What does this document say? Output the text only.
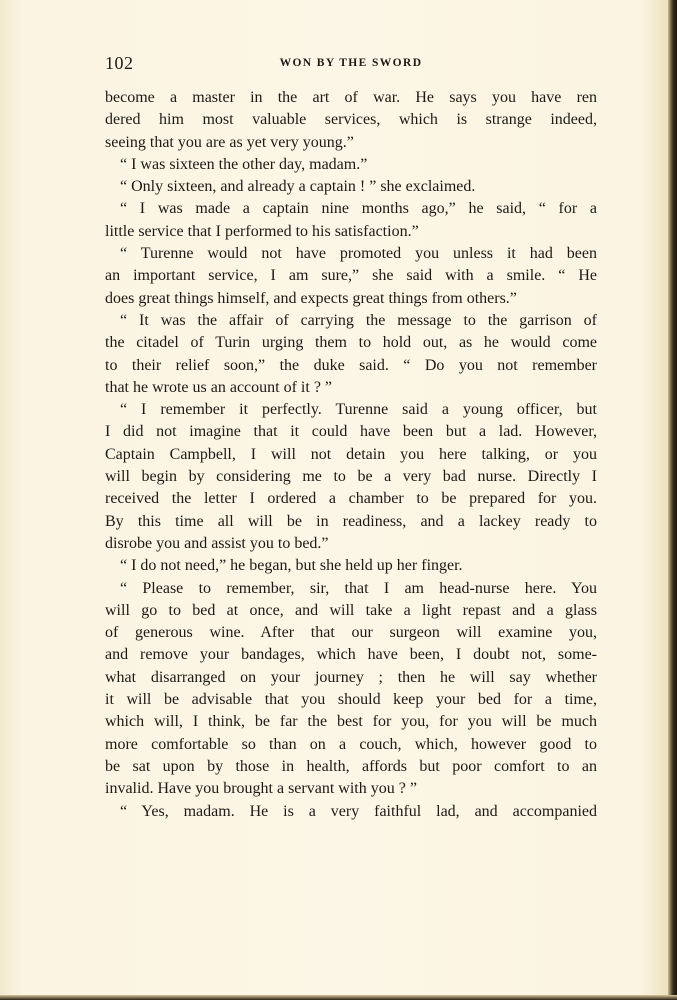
102	WON BY THE SWORD
become a master in the art of war. He says you have ren
dered him most valuable services, which is strange indeed,
seeing that you are as yet very young.”
“ I was sixteen the other day, madam.”
“ Only sixteen, and already a captain ! ” she exclaimed.
“ I was made a captain nine months ago,” he said, “ for a
little service that I performed to his satisfaction.”
“ Turenne would not have promoted you unless it had been
an important service, I am sure,” she said with a smile. “ He
does great things himself, and expects great things from others.”
“ It was the affair of carrying the message to the garrison of
the citadel of Turin urging them to hold out, as he would come
to their relief soon,” the duke said. “ Do you not remember
that he wrote us an account of it ? ”
“ I remember it perfectly. Turenne said a young officer, but
I did not imagine that it could have been but a lad. However,
Captain Campbell, I will not detain you here talking, or you
will begin by considering me to be a very bad nurse. Directly I
received the letter I ordered a chamber to be prepared for you.
By this time all will be in readiness, and a lackey ready to
disrobe you and assist you to bed.”
“ I do not need,” he began, but she held up her finger.
“ Please to remember, sir, that I am head-nurse here. You
will go to bed at once, and will take a light repast and a glass
of generous wine. After that our surgeon will examine you,
and remove your bandages, which have been, I doubt not, some-
what disarranged on your journey ; then he will say whether
it will be advisable that you should keep your bed for a time,
which will, I think, be far the best for you, for you will be much
more comfortable so than on a couch, which, however good to
be sat upon by those in health, affords but poor comfort to an
invalid. Have you brought a servant with you ? ”
“ Yes, madam. He is a very faithful lad, and accompanied
